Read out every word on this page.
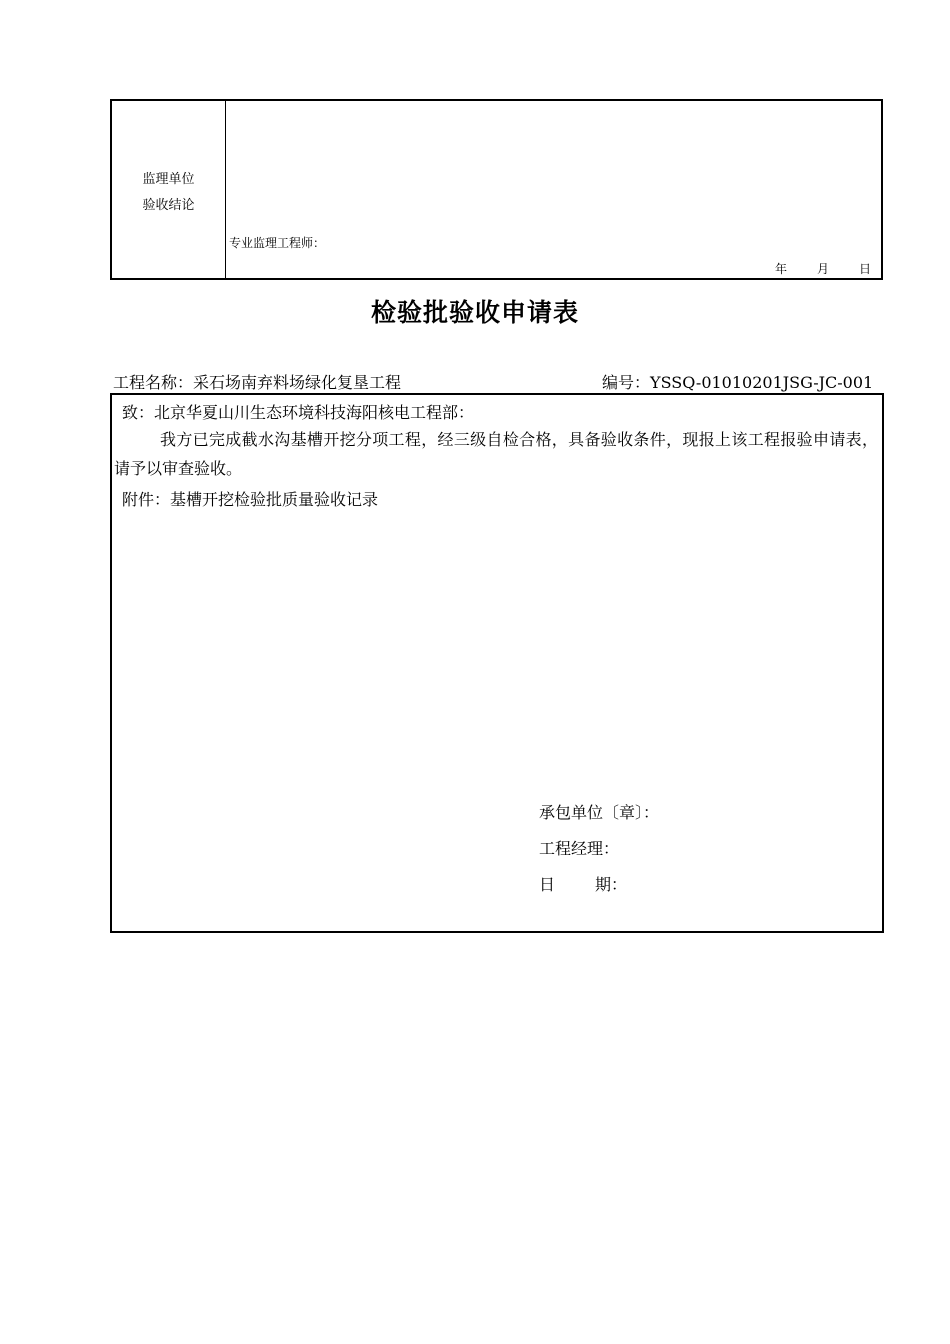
监理单位
验收结论
专业监理工程师：
年	月	日
检验批验收申请表
工程名称：采石场南弃料场绿化复垦工程	编号：YSSQ-01010201JSG-JC-001
致：北京华夏山川生态环境科技海阳核电工程部：
我方已完成截水沟基槽开挖分项工程，经三级自检合格，具备验收条件，现报上该工程报验申请表，请予以审查验收。
附件：基槽开挖检验批质量验收记录
承包单位〔章〕：
工程经理：
日	期：
